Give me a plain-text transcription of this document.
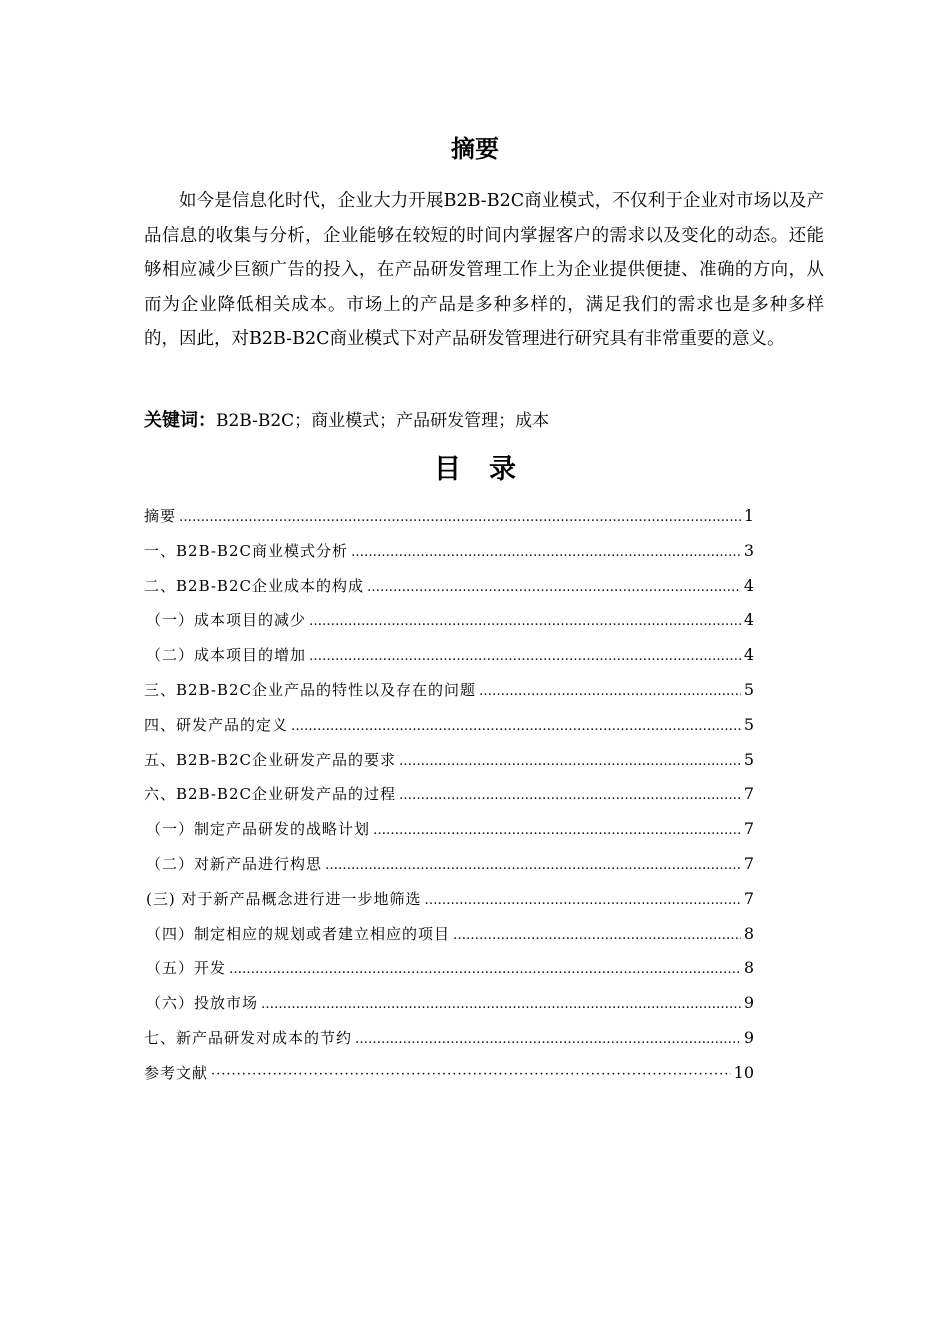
摘要
如今是信息化时代，企业大力开展B2B-B2C商业模式，不仅利于企业对市场以及产品信息的收集与分析，企业能够在较短的时间内掌握客户的需求以及变化的动态。还能够相应减少巨额广告的投入，在产品研发管理工作上为企业提供便捷、准确的方向，从而为企业降低相关成本。市场上的产品是多种多样的，满足我们的需求也是多种多样的，因此，对B2B-B2C商业模式下对产品研发管理进行研究具有非常重要的意义。
关键词：B2B-B2C；商业模式；产品研发管理；成本
目录
摘要 …………………………………………………………………………………………………………………………………………………………	1
一、B2B-B2C商业模式分析 …………………………………………………………………………………………………………………………………………………………	3
二、B2B-B2C企业成本的构成 …………………………………………………………………………………………………………………………………………………………	4
（一）成本项目的减少 …………………………………………………………………………………………………………………………………………………………	4
（二）成本项目的增加 …………………………………………………………………………………………………………………………………………………………	4
三、B2B-B2C企业产品的特性以及存在的问题 …………………………………………………………………………………………………………………………………………………………	5
四、研发产品的定义 …………………………………………………………………………………………………………………………………………………………	5
五、B2B-B2C企业研发产品的要求 …………………………………………………………………………………………………………………………………………………………	5
六、B2B-B2C企业研发产品的过程 …………………………………………………………………………………………………………………………………………………………	7
（一）制定产品研发的战略计划 …………………………………………………………………………………………………………………………………………………………	7
（二）对新产品进行构思 …………………………………………………………………………………………………………………………………………………………	7
(三) 对于新产品概念进行进一步地筛选 …………………………………………………………………………………………………………………………………………………………	7
（四）制定相应的规划或者建立相应的项目 …………………………………………………………………………………………………………………………………………………………	8
（五）开发 …………………………………………………………………………………………………………………………………………………………	8
（六）投放市场 …………………………………………………………………………………………………………………………………………………………	9
七、新产品研发对成本的节约 …………………………………………………………………………………………………………………………………………………………	9
参考文献 ·····	10
